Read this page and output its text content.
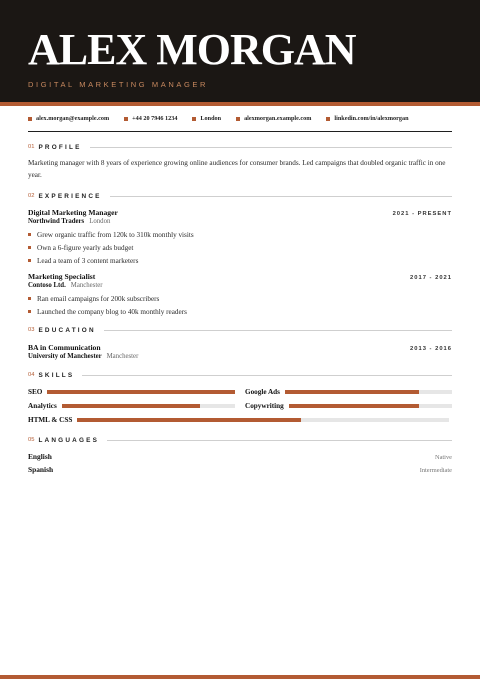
ALEX MORGAN
DIGITAL MARKETING MANAGER
alex.morgan@example.com	+44 20 7946 1234	London	alexmorgan.example.com	linkedin.com/in/alexmorgan
01 PROFILE
Marketing manager with 8 years of experience growing online audiences for consumer brands. Led campaigns that doubled organic traffic in one year.
02 EXPERIENCE
Digital Marketing Manager	2021 - PRESENT
Northwind Traders London
Grew organic traffic from 120k to 310k monthly visits
Own a 6-figure yearly ads budget
Lead a team of 3 content marketers
Marketing Specialist	2017 - 2021
Contoso Ltd. Manchester
Ran email campaigns for 200k subscribers
Launched the company blog to 40k monthly readers
03 EDUCATION
BA in Communication	2013 - 2016
University of Manchester Manchester
04 SKILLS
SEO	Google Ads
Analytics	Copywriting
HTML & CSS
05 LANGUAGES
English	Native
Spanish	Intermediate
